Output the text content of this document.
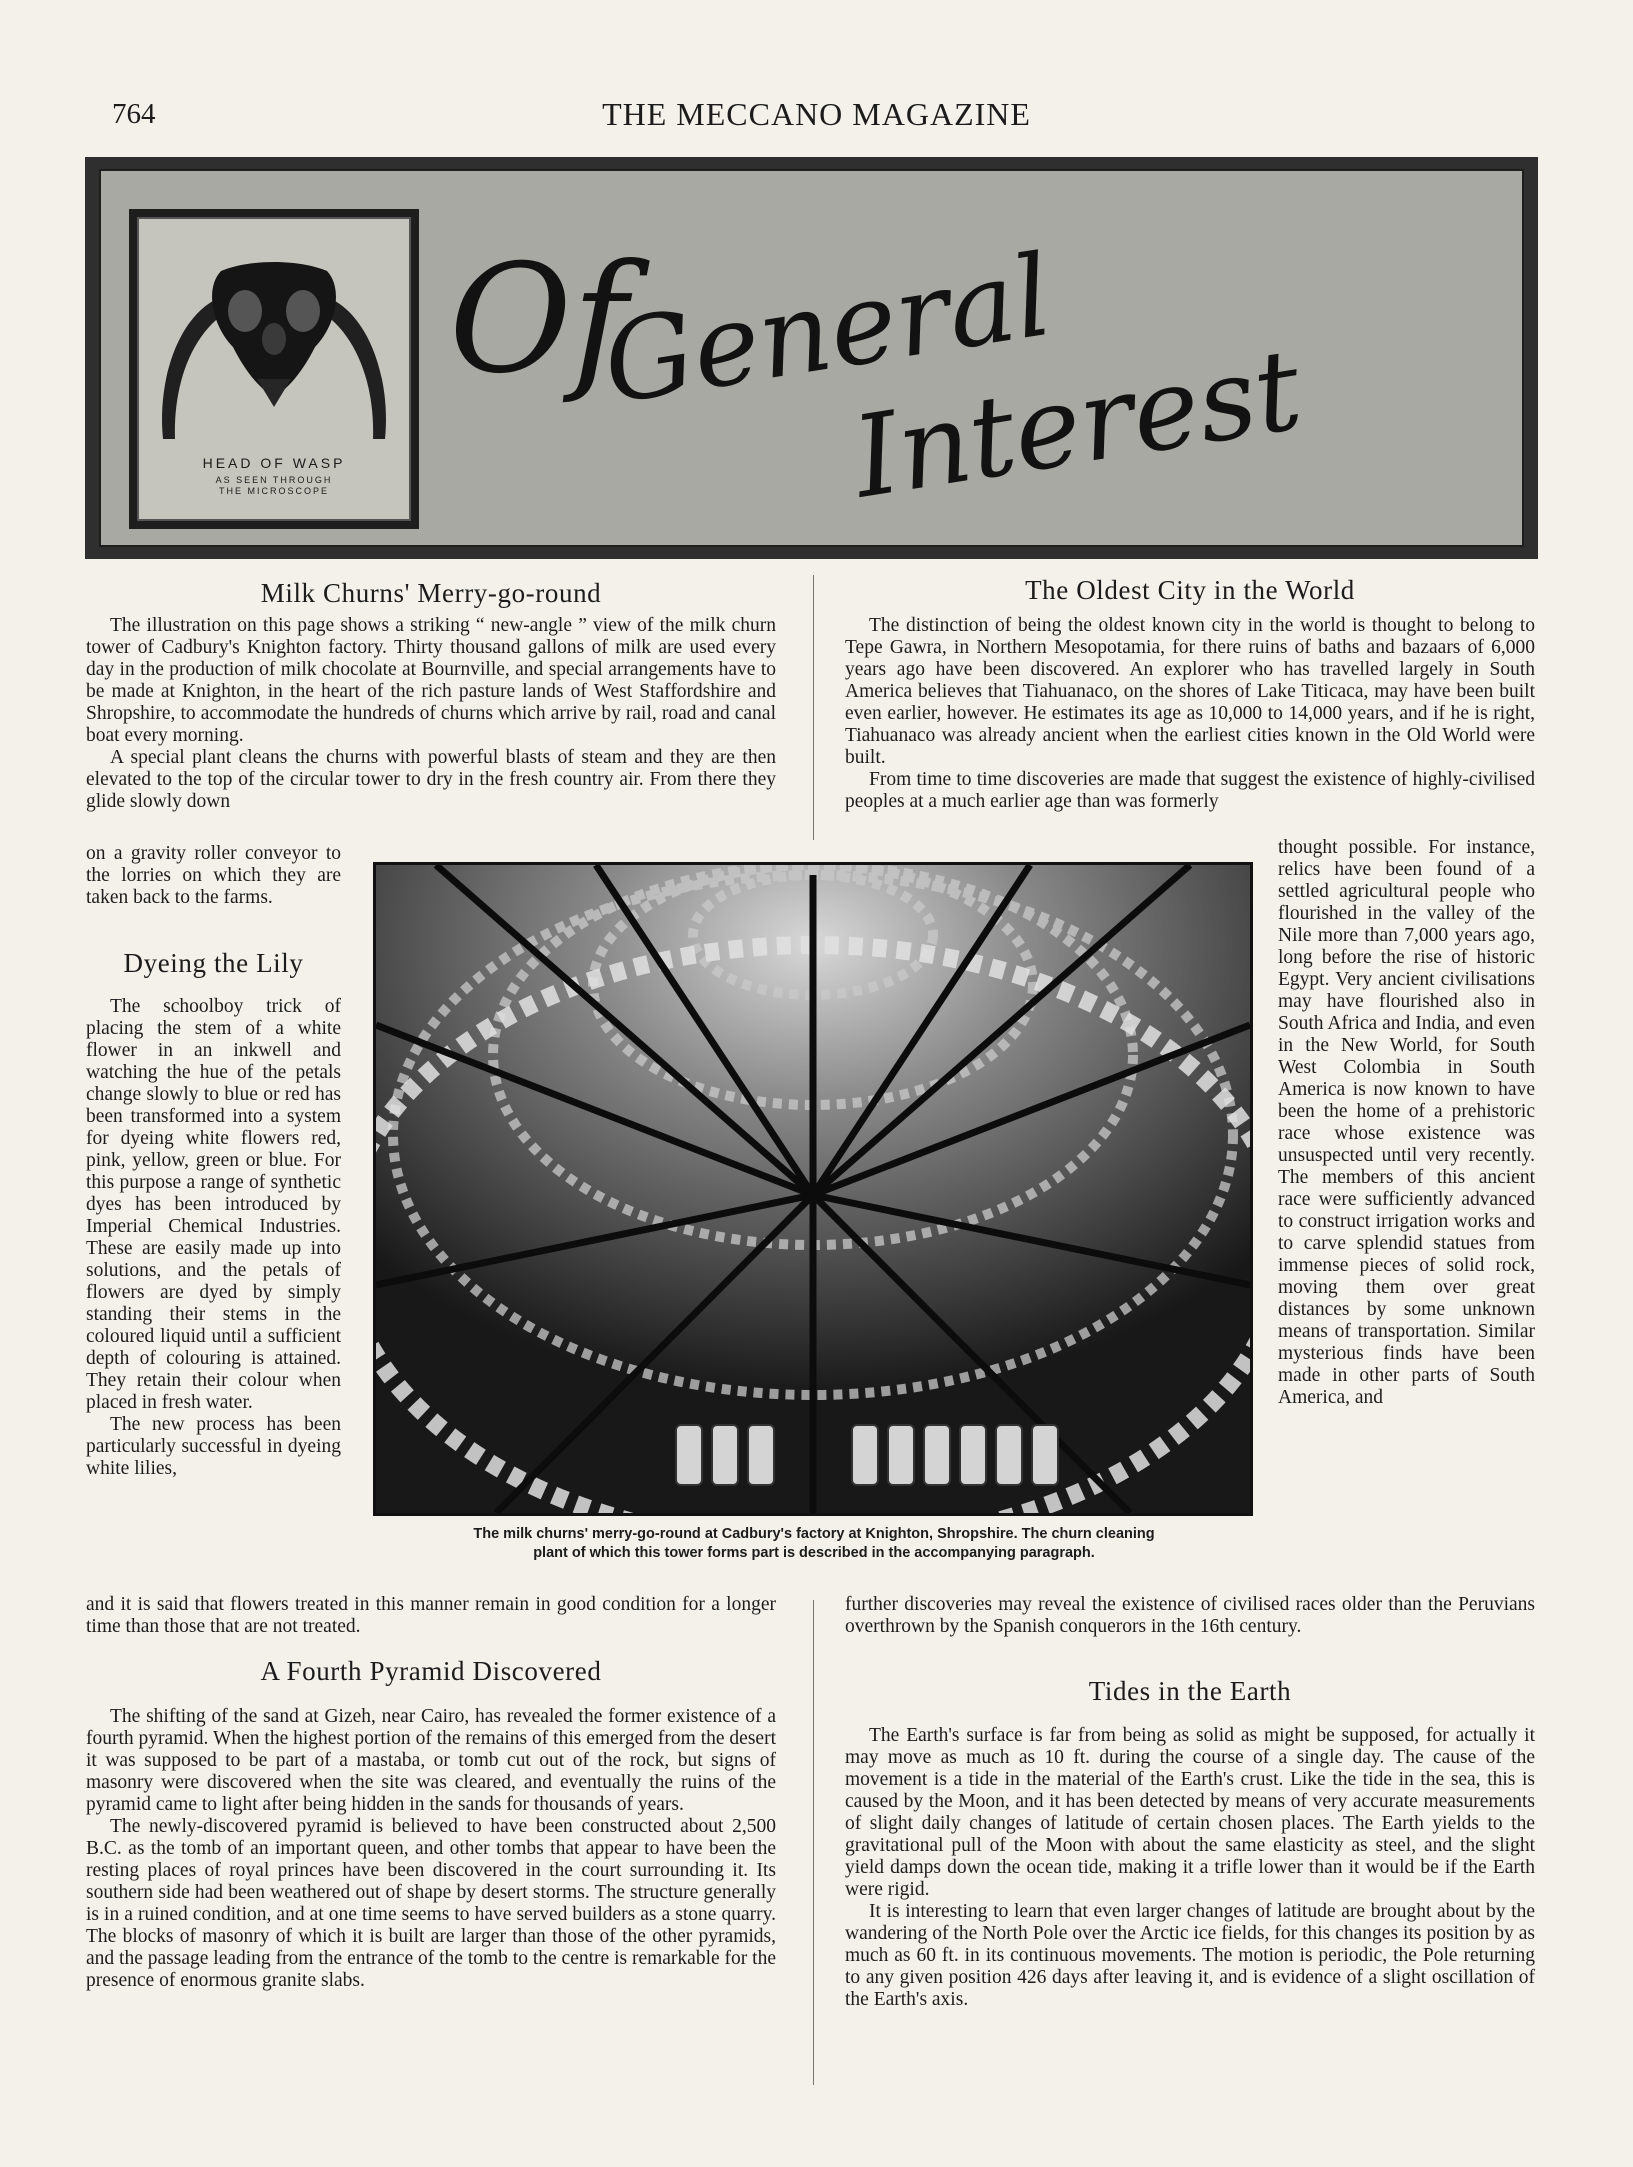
764	THE MECCANO MAGAZINE
HEAD OF WASP
AS SEEN THROUGH
THE MICROSCOPE
Of
General
Interest
Milk Churns' Merry-go-round

The illustration on this page shows a striking “ new-angle ” view of the milk churn tower of Cadbury's Knighton factory. Thirty thousand gallons of milk are used every day in the production of milk chocolate at Bournville, and special arrangements have to be made at Knighton, in the heart of the rich pasture lands of West Staffordshire and Shropshire, to accommodate the hundreds of churns which arrive by rail, road and canal boat every morning.

A special plant cleans the churns with powerful blasts of steam and they are then elevated to the top of the circular tower to dry in the fresh country air. From there they glide slowly down

on a gravity roller conveyor to the lorries on which they are taken back to the farms.

Dyeing the Lily

The schoolboy trick of placing the stem of a white flower in an inkwell and watching the hue of the petals change slowly to blue or red has been transformed into a system for dyeing white flowers red, pink, yellow, green or blue. For this purpose a range of synthetic dyes has been introduced by Imperial Chemical Industries. These are easily made up into solutions, and the petals of flowers are dyed by simply standing their stems in the coloured liquid until a sufficient depth of colouring is attained. They retain their colour when placed in fresh water.

The new process has been particularly successful in dyeing white lilies,

and it is said that flowers treated in this manner remain in good condition for a longer time than those that are not treated.

A Fourth Pyramid Discovered

The shifting of the sand at Gizeh, near Cairo, has revealed the former existence of a fourth pyramid. When the highest portion of the remains of this emerged from the desert it was supposed to be part of a mastaba, or tomb cut out of the rock, but signs of masonry were discovered when the site was cleared, and eventually the ruins of the pyramid came to light after being hidden in the sands for thousands of years.

The newly-discovered pyramid is believed to have been constructed about 2,500 B.C. as the tomb of an important queen, and other tombs that appear to have been the resting places of royal princes have been discovered in the court surrounding it. Its southern side had been weathered out of shape by desert storms. The structure generally is in a ruined condition, and at one time seems to have served builders as a stone quarry. The blocks of masonry of which it is built are larger than those of the other pyramids, and the passage leading from the entrance of the tomb to the centre is remarkable for the presence of enormous granite slabs.

The Oldest City in the World

The distinction of being the oldest known city in the world is thought to belong to Tepe Gawra, in Northern Mesopotamia, for there ruins of baths and bazaars of 6,000 years ago have been discovered. An explorer who has travelled largely in South America believes that Tiahuanaco, on the shores of Lake Titicaca, may have been built even earlier, however. He estimates its age as 10,000 to 14,000 years, and if he is right, Tiahuanaco was already ancient when the earliest cities known in the Old World were built.

From time to time discoveries are made that suggest the existence of highly-civilised peoples at a much earlier age than was formerly

thought possible. For instance, relics have been found of a settled agricultural people who flourished in the valley of the Nile more than 7,000 years ago, long before the rise of historic Egypt. Very ancient civilisations may have flourished also in South Africa and India, and even in the New World, for South West Colombia in South America is now known to have been the home of a prehistoric race whose existence was unsuspected until very recently. The members of this ancient race were sufficiently advanced to construct irrigation works and to carve splendid statues from immense pieces of solid rock, moving them over great distances by some unknown means of transportation. Similar mysterious finds have been made in other parts of South America, and

further discoveries may reveal the existence of civilised races older than the Peruvians overthrown by the Spanish conquerors in the 16th century.

Tides in the Earth

The Earth's surface is far from being as solid as might be supposed, for actually it may move as much as 10 ft. during the course of a single day. The cause of the movement is a tide in the material of the Earth's crust. Like the tide in the sea, this is caused by the Moon, and it has been detected by means of very accurate measurements of slight daily changes of latitude of certain chosen places. The Earth yields to the gravitational pull of the Moon with about the same elasticity as steel, and the slight yield damps down the ocean tide, making it a trifle lower than it would be if the Earth were rigid.

It is interesting to learn that even larger changes of latitude are brought about by the wandering of the North Pole over the Arctic ice fields, for this changes its position by as much as 60 ft. in its continuous movements. The motion is periodic, the Pole returning to any given position 426 days after leaving it, and is evidence of a slight oscillation of the Earth's axis.

The milk churns' merry-go-round at Cadbury's factory at Knighton, Shropshire. The churn cleaning
plant of which this tower forms part is described in the accompanying paragraph.
